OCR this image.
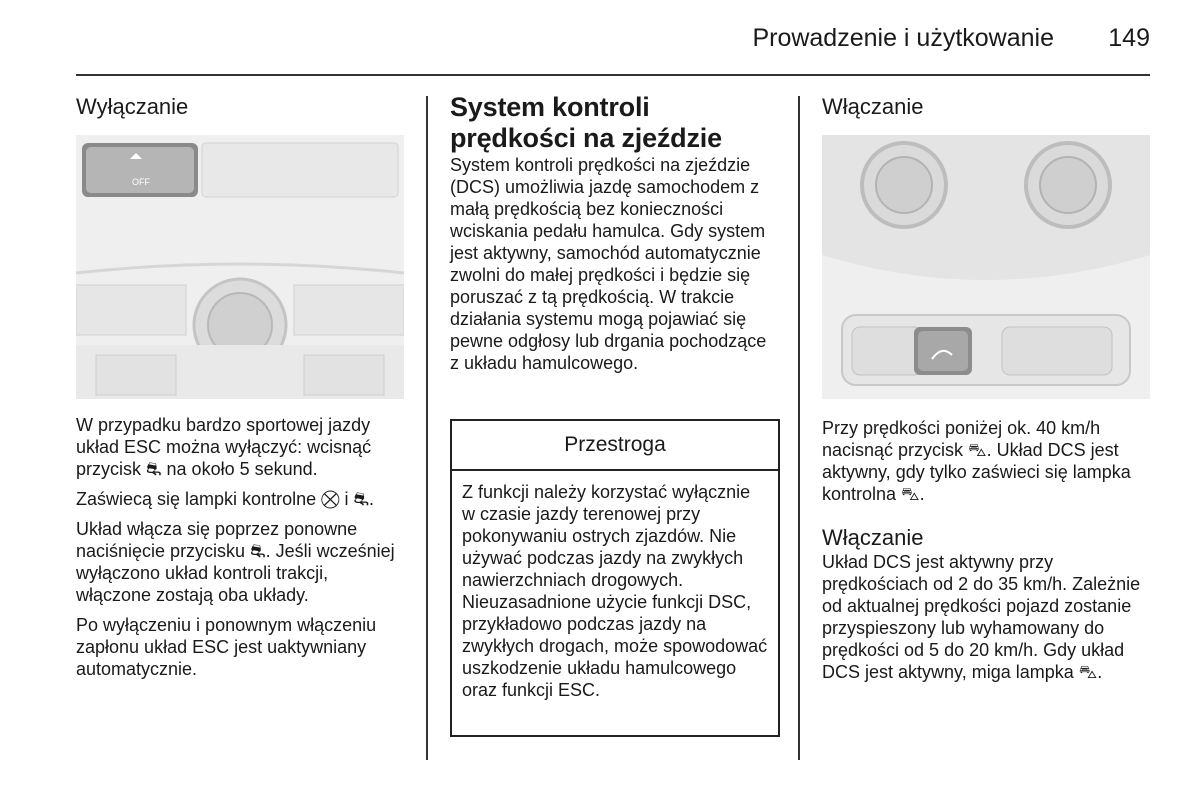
Prowadzenie i użytkowanie 149
Wyłączanie
OFF

W przypadku bardzo sportowej jazdy układ ESC można wyłączyć: wcisnąć przycisk ⛐ na około 5 sekund.

Zaświecą się lampki kontrolne ⛒ i ⛐.

Układ włącza się poprzez ponowne naciśnięcie przycisku ⛐. Jeśli wcześniej wyłączono układ kontroli trakcji, włączone zostają oba układy.

Po wyłączeniu i ponownym włączeniu zapłonu układ ESC jest uaktywniany automatycznie.

System kontroli prędkości na zjeździe

System kontroli prędkości na zjeździe (DCS) umożliwia jazdę samochodem z małą prędkością bez konieczności wciskania pedału hamulca. Gdy system jest aktywny, samochód automatycznie zwolni do małej prędkości i będzie się poruszać z tą prędkością. W trakcie działania systemu mogą pojawiać się pewne odgłosy lub drgania pochodzące z układu hamulcowego.

Przestroga
Z funkcji należy korzystać wyłącznie w czasie jazdy terenowej przy pokonywaniu ostrych zjazdów. Nie używać podczas jazdy na zwykłych nawierzchniach drogowych. Nieuzasadnione użycie funkcji DSC, przykładowo podczas jazdy na zwykłych drogach, może spowodować uszkodzenie układu hamulcowego oraz funkcji ESC.
Włączanie

Przy prędkości poniżej ok. 40 km/h nacisnąć przycisk ⛍. Układ DCS jest aktywny, gdy tylko zaświeci się lampka kontrolna ⛍.

Włączanie

Układ DCS jest aktywny przy prędkościach od 2 do 35 km/h. Zależnie od aktualnej prędkości pojazd zostanie przyspieszony lub wyhamowany do prędkości od 5 do 20 km/h. Gdy układ DCS jest aktywny, miga lampka ⛍.
